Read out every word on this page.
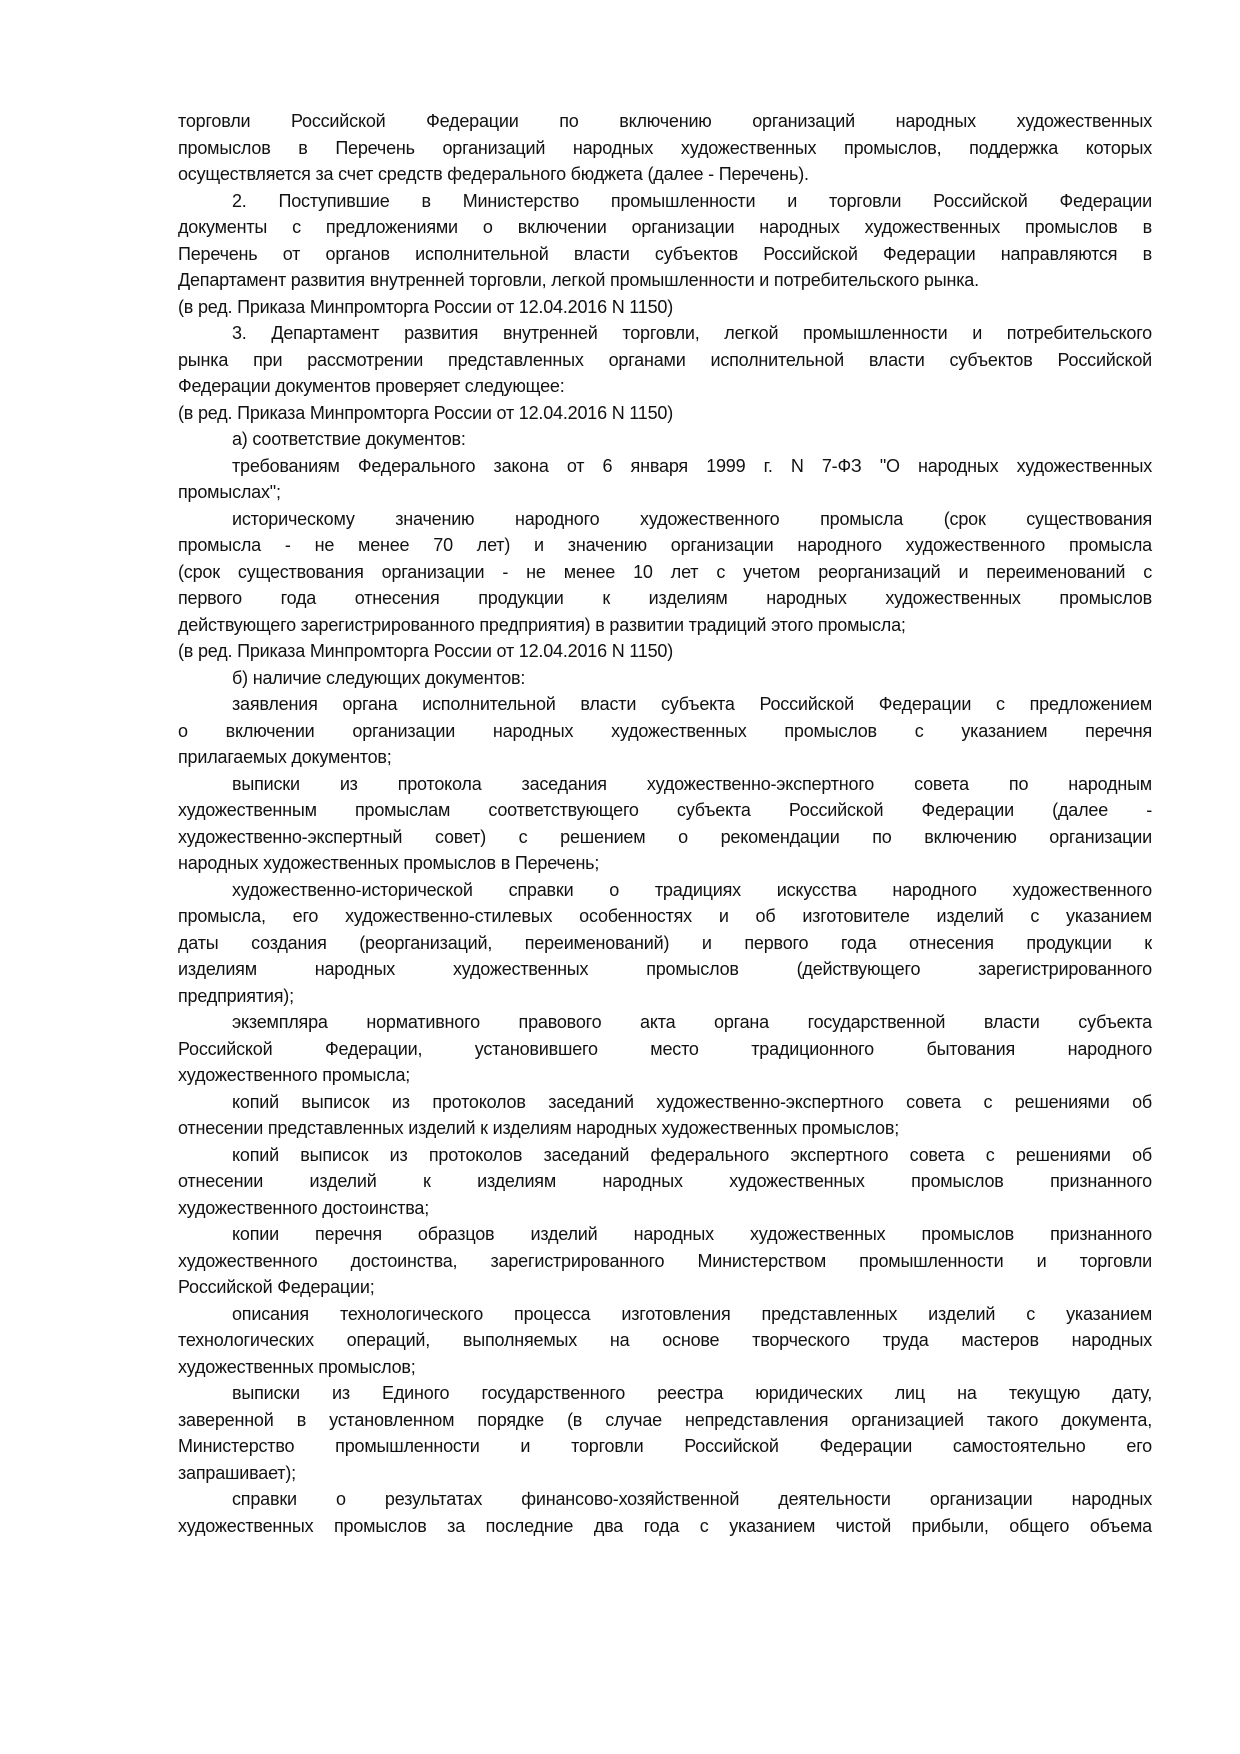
торговли Российской Федерации по включению организаций народных художественных
промыслов в Перечень организаций народных художественных промыслов, поддержка которых
осуществляется за счет средств федерального бюджета (далее - Перечень).
2. Поступившие в Министерство промышленности и торговли Российской Федерации
документы с предложениями о включении организации народных художественных промыслов в
Перечень от органов исполнительной власти субъектов Российской Федерации направляются в
Департамент развития внутренней торговли, легкой промышленности и потребительского рынка.
(в ред. Приказа Минпромторга России от 12.04.2016 N 1150)
3. Департамент развития внутренней торговли, легкой промышленности и потребительского
рынка при рассмотрении представленных органами исполнительной власти субъектов Российской
Федерации документов проверяет следующее:
(в ред. Приказа Минпромторга России от 12.04.2016 N 1150)
а) соответствие документов:
требованиям Федерального закона от 6 января 1999 г. N 7-ФЗ "О народных художественных
промыслах";
историческому значению народного художественного промысла (срок существования
промысла - не менее 70 лет) и значению организации народного художественного промысла
(срок существования организации - не менее 10 лет с учетом реорганизаций и переименований с
первого года отнесения продукции к изделиям народных художественных промыслов
действующего зарегистрированного предприятия) в развитии традиций этого промысла;
(в ред. Приказа Минпромторга России от 12.04.2016 N 1150)
б) наличие следующих документов:
заявления органа исполнительной власти субъекта Российской Федерации с предложением
о включении организации народных художественных промыслов с указанием перечня
прилагаемых документов;
выписки из протокола заседания художественно-экспертного совета по народным
художественным промыслам соответствующего субъекта Российской Федерации (далее -
художественно-экспертный совет) с решением о рекомендации по включению организации
народных художественных промыслов в Перечень;
художественно-исторической справки о традициях искусства народного художественного
промысла, его художественно-стилевых особенностях и об изготовителе изделий с указанием
даты создания (реорганизаций, переименований) и первого года отнесения продукции к
изделиям народных художественных промыслов (действующего зарегистрированного
предприятия);
экземпляра нормативного правового акта органа государственной власти субъекта
Российской Федерации, установившего место традиционного бытования народного
художественного промысла;
копий выписок из протоколов заседаний художественно-экспертного совета с решениями об
отнесении представленных изделий к изделиям народных художественных промыслов;
копий выписок из протоколов заседаний федерального экспертного совета с решениями об
отнесении изделий к изделиям народных художественных промыслов признанного
художественного достоинства;
копии перечня образцов изделий народных художественных промыслов признанного
художественного достоинства, зарегистрированного Министерством промышленности и торговли
Российской Федерации;
описания технологического процесса изготовления представленных изделий с указанием
технологических операций, выполняемых на основе творческого труда мастеров народных
художественных промыслов;
выписки из Единого государственного реестра юридических лиц на текущую дату,
заверенной в установленном порядке (в случае непредставления организацией такого документа,
Министерство промышленности и торговли Российской Федерации самостоятельно его
запрашивает);
справки о результатах финансово-хозяйственной деятельности организации народных
художественных промыслов за последние два года с указанием чистой прибыли, общего объема
